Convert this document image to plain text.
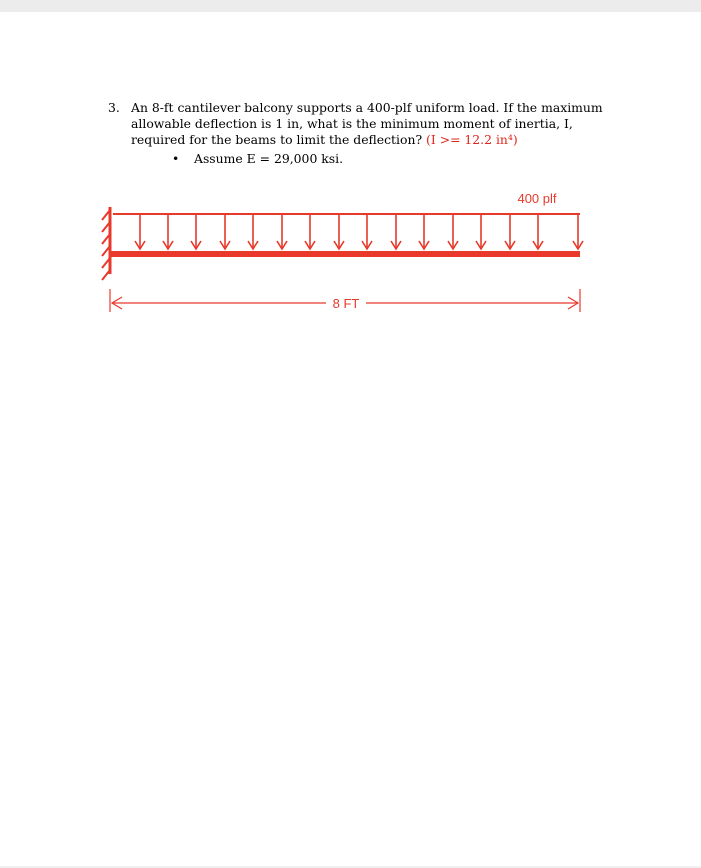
3. An 8-ft cantilever balcony supports a 400-plf uniform load. If the maximum
allowable deflection is 1 in, what is the minimum moment of inertia, I,
required for the beams to limit the deflection? (I >= 12.2 in⁴)
• Assume E = 29,000 ksi.
400 plf
8 FT
